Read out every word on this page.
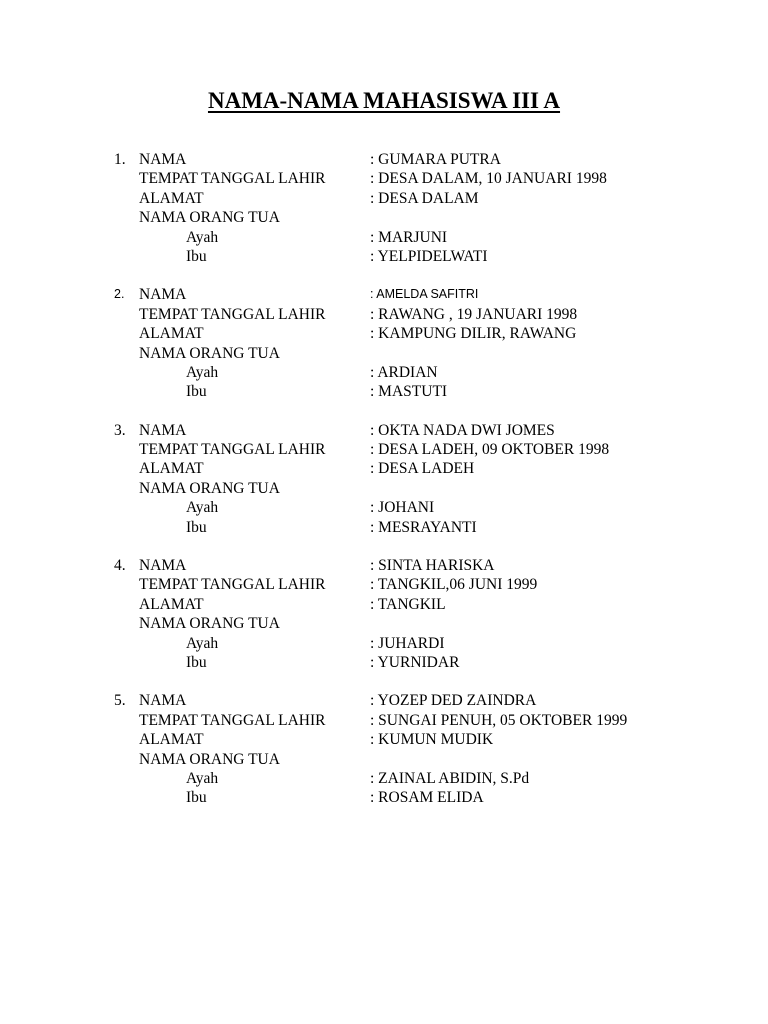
NAMA-NAMA MAHASISWA III A
1. NAMA	: GUMARA PUTRA
TEMPAT TANGGAL LAHIR	: DESA DALAM, 10 JANUARI 1998
ALAMAT	: DESA DALAM
NAMA ORANG TUA
Ayah	: MARJUNI
Ibu	: YELPIDELWATI
2. NAMA	: AMELDA SAFITRI
TEMPAT TANGGAL LAHIR	: RAWANG , 19 JANUARI 1998
ALAMAT	: KAMPUNG DILIR, RAWANG
NAMA ORANG TUA
Ayah	: ARDIAN
Ibu	: MASTUTI
3. NAMA	: OKTA NADA DWI JOMES
TEMPAT TANGGAL LAHIR	: DESA LADEH, 09 OKTOBER 1998
ALAMAT	: DESA LADEH
NAMA ORANG TUA
Ayah	: JOHANI
Ibu	: MESRAYANTI
4. NAMA	: SINTA HARISKA
TEMPAT TANGGAL LAHIR	: TANGKIL,06 JUNI 1999
ALAMAT	: TANGKIL
NAMA ORANG TUA
Ayah	: JUHARDI
Ibu	: YURNIDAR
5. NAMA	: YOZEP DED ZAINDRA
TEMPAT TANGGAL LAHIR	: SUNGAI PENUH, 05 OKTOBER 1999
ALAMAT	: KUMUN MUDIK
NAMA ORANG TUA
Ayah	: ZAINAL ABIDIN, S.Pd
Ibu	: ROSAM ELIDA
